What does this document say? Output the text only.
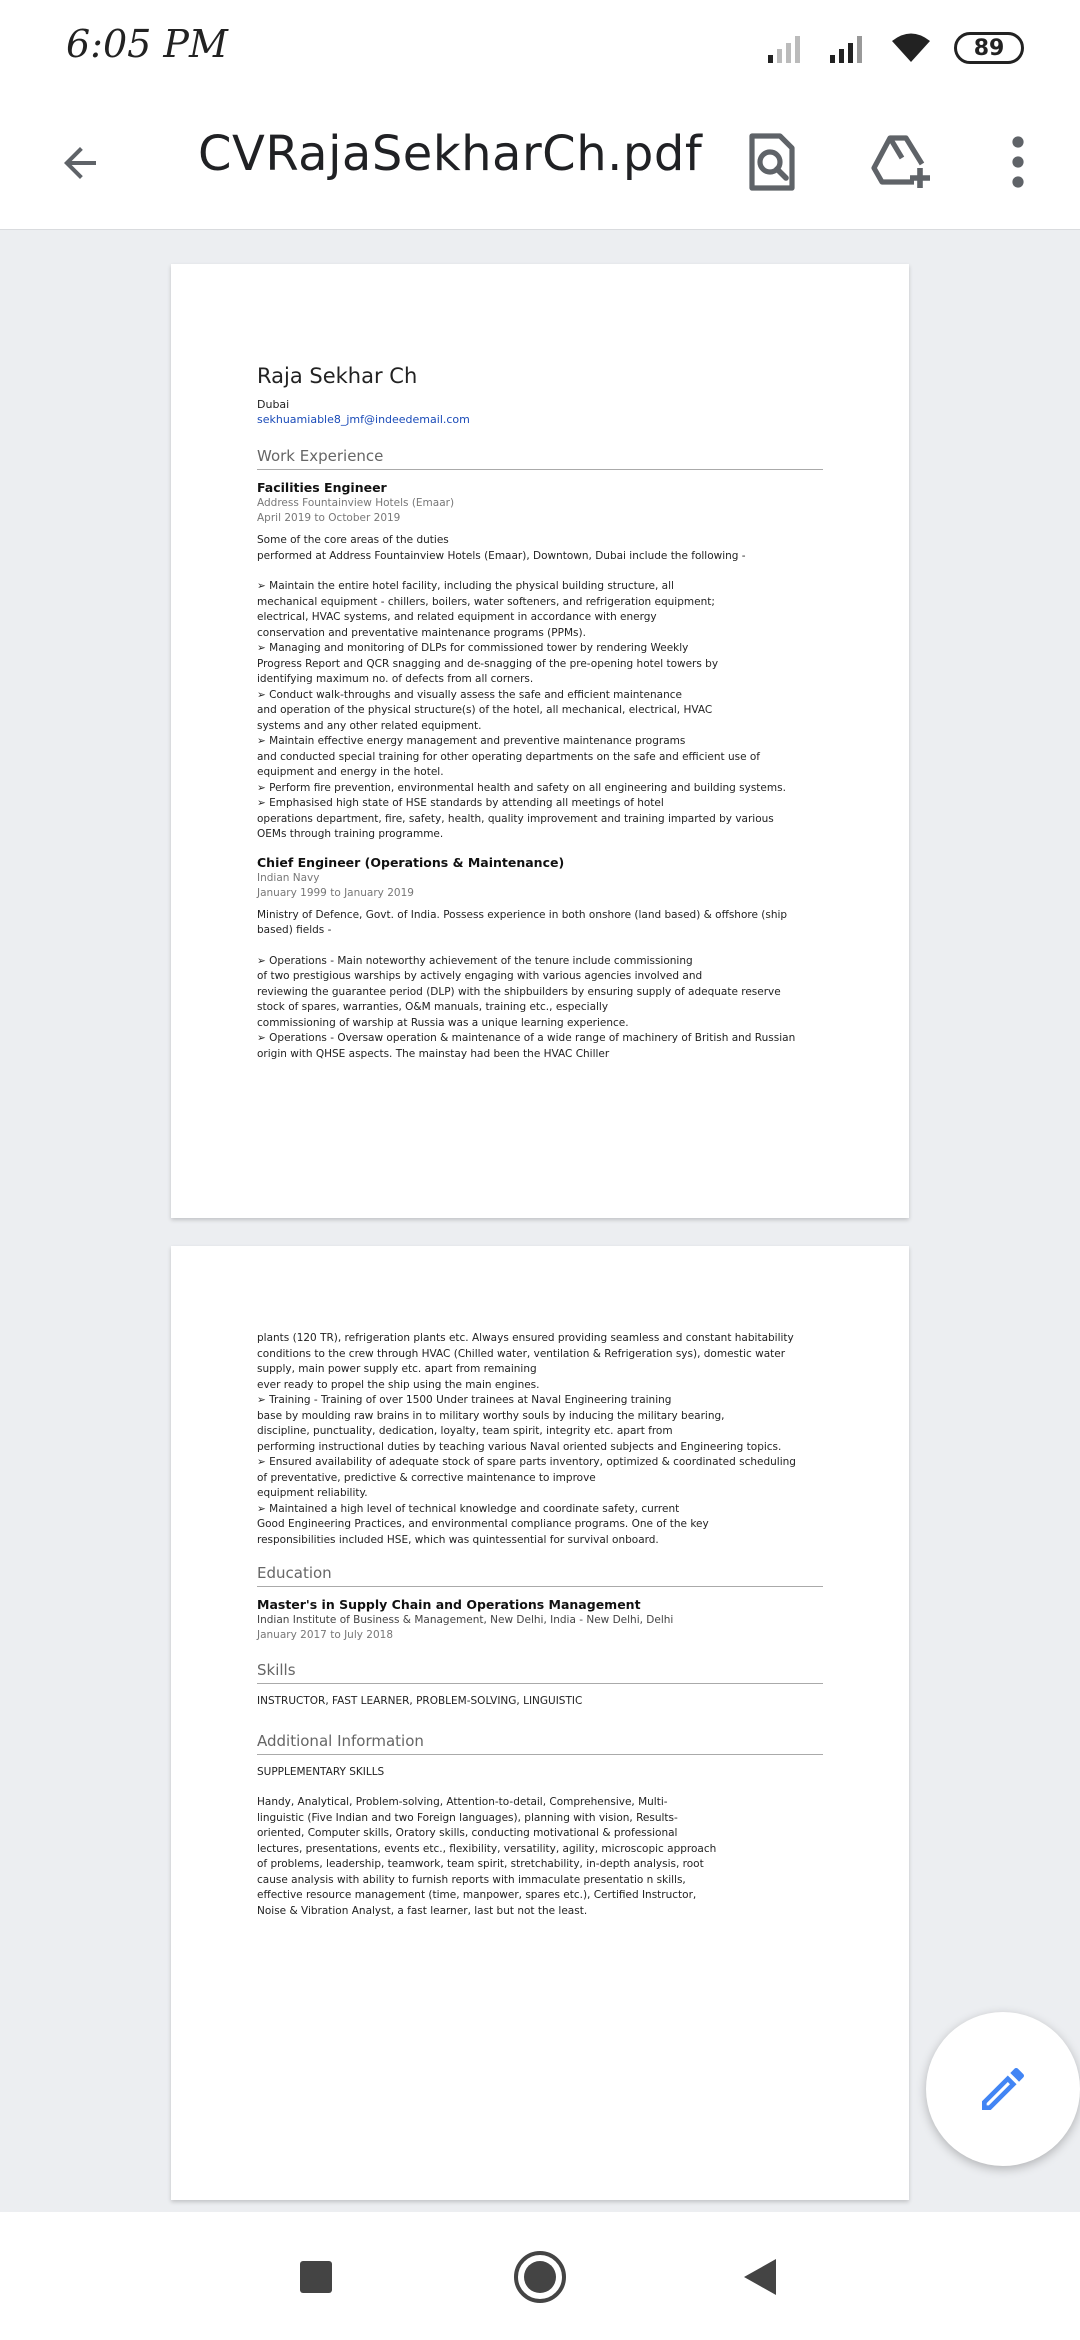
6:05 PM	89
CVRajaSekharCh.pdf
Raja Sekhar Ch
Dubai
sekhuamiable8_jmf@indeedemail.com
Work Experience
Facilities Engineer
Address Fountainview Hotels (Emaar)
April 2019 to October 2019
Some of the core areas of the duties
performed at Address Fountainview Hotels (Emaar), Downtown, Dubai include the following -
➢ Maintain the entire hotel facility, including the physical building structure, all
mechanical equipment - chillers, boilers, water softeners, and refrigeration equipment;
electrical, HVAC systems, and related equipment in accordance with energy
conservation and preventative maintenance programs (PPMs).
➢ Managing and monitoring of DLPs for commissioned tower by rendering Weekly
Progress Report and QCR snagging and de-snagging of the pre-opening hotel towers by
identifying maximum no. of defects from all corners.
➢ Conduct walk-throughs and visually assess the safe and efficient maintenance
and operation of the physical structure(s) of the hotel, all mechanical, electrical, HVAC
systems and any other related equipment.
➢ Maintain effective energy management and preventive maintenance programs
and conducted special training for other operating departments on the safe and efficient use of
equipment and energy in the hotel.
➢ Perform fire prevention, environmental health and safety on all engineering and building systems.
➢ Emphasised high state of HSE standards by attending all meetings of hotel
operations department, fire, safety, health, quality improvement and training imparted by various
OEMs through training programme.
Chief Engineer (Operations & Maintenance)
Indian Navy
January 1999 to January 2019
Ministry of Defence, Govt. of India. Possess experience in both onshore (land based) & offshore (ship
based) fields -
➢ Operations - Main noteworthy achievement of the tenure include commissioning
of two prestigious warships by actively engaging with various agencies involved and
reviewing the guarantee period (DLP) with the shipbuilders by ensuring supply of adequate reserve
stock of spares, warranties, O&M manuals, training etc., especially
commissioning of warship at Russia was a unique learning experience.
➢ Operations - Oversaw operation & maintenance of a wide range of machinery of British and Russian
origin with QHSE aspects. The mainstay had been the HVAC Chiller
plants (120 TR), refrigeration plants etc. Always ensured providing seamless and constant habitability
conditions to the crew through HVAC (Chilled water, ventilation & Refrigeration sys), domestic water
supply, main power supply etc. apart from remaining
ever ready to propel the ship using the main engines.
➢ Training - Training of over 1500 Under trainees at Naval Engineering training
base by moulding raw brains in to military worthy souls by inducing the military bearing,
discipline, punctuality, dedication, loyalty, team spirit, integrity etc. apart from
performing instructional duties by teaching various Naval oriented subjects and Engineering topics.
➢ Ensured availability of adequate stock of spare parts inventory, optimized & coordinated scheduling
of preventative, predictive & corrective maintenance to improve
equipment reliability.
➢ Maintained a high level of technical knowledge and coordinate safety, current
Good Engineering Practices, and environmental compliance programs. One of the key
responsibilities included HSE, which was quintessential for survival onboard.
Education
Master's in Supply Chain and Operations Management
Indian Institute of Business & Management, New Delhi, India - New Delhi, Delhi
January 2017 to July 2018
Skills
INSTRUCTOR, FAST LEARNER, PROBLEM-SOLVING, LINGUISTIC
Additional Information
SUPPLEMENTARY SKILLS
Handy, Analytical, Problem-solving, Attention-to-detail, Comprehensive, Multi-
linguistic (Five Indian and two Foreign languages), planning with vision, Results-
oriented, Computer skills, Oratory skills, conducting motivational & professional
lectures, presentations, events etc., flexibility, versatility, agility, microscopic approach
of problems, leadership, teamwork, team spirit, stretchability, in-depth analysis, root
cause analysis with ability to furnish reports with immaculate presentatio n skills,
effective resource management (time, manpower, spares etc.), Certified Instructor,
Noise & Vibration Analyst, a fast learner, last but not the least.
